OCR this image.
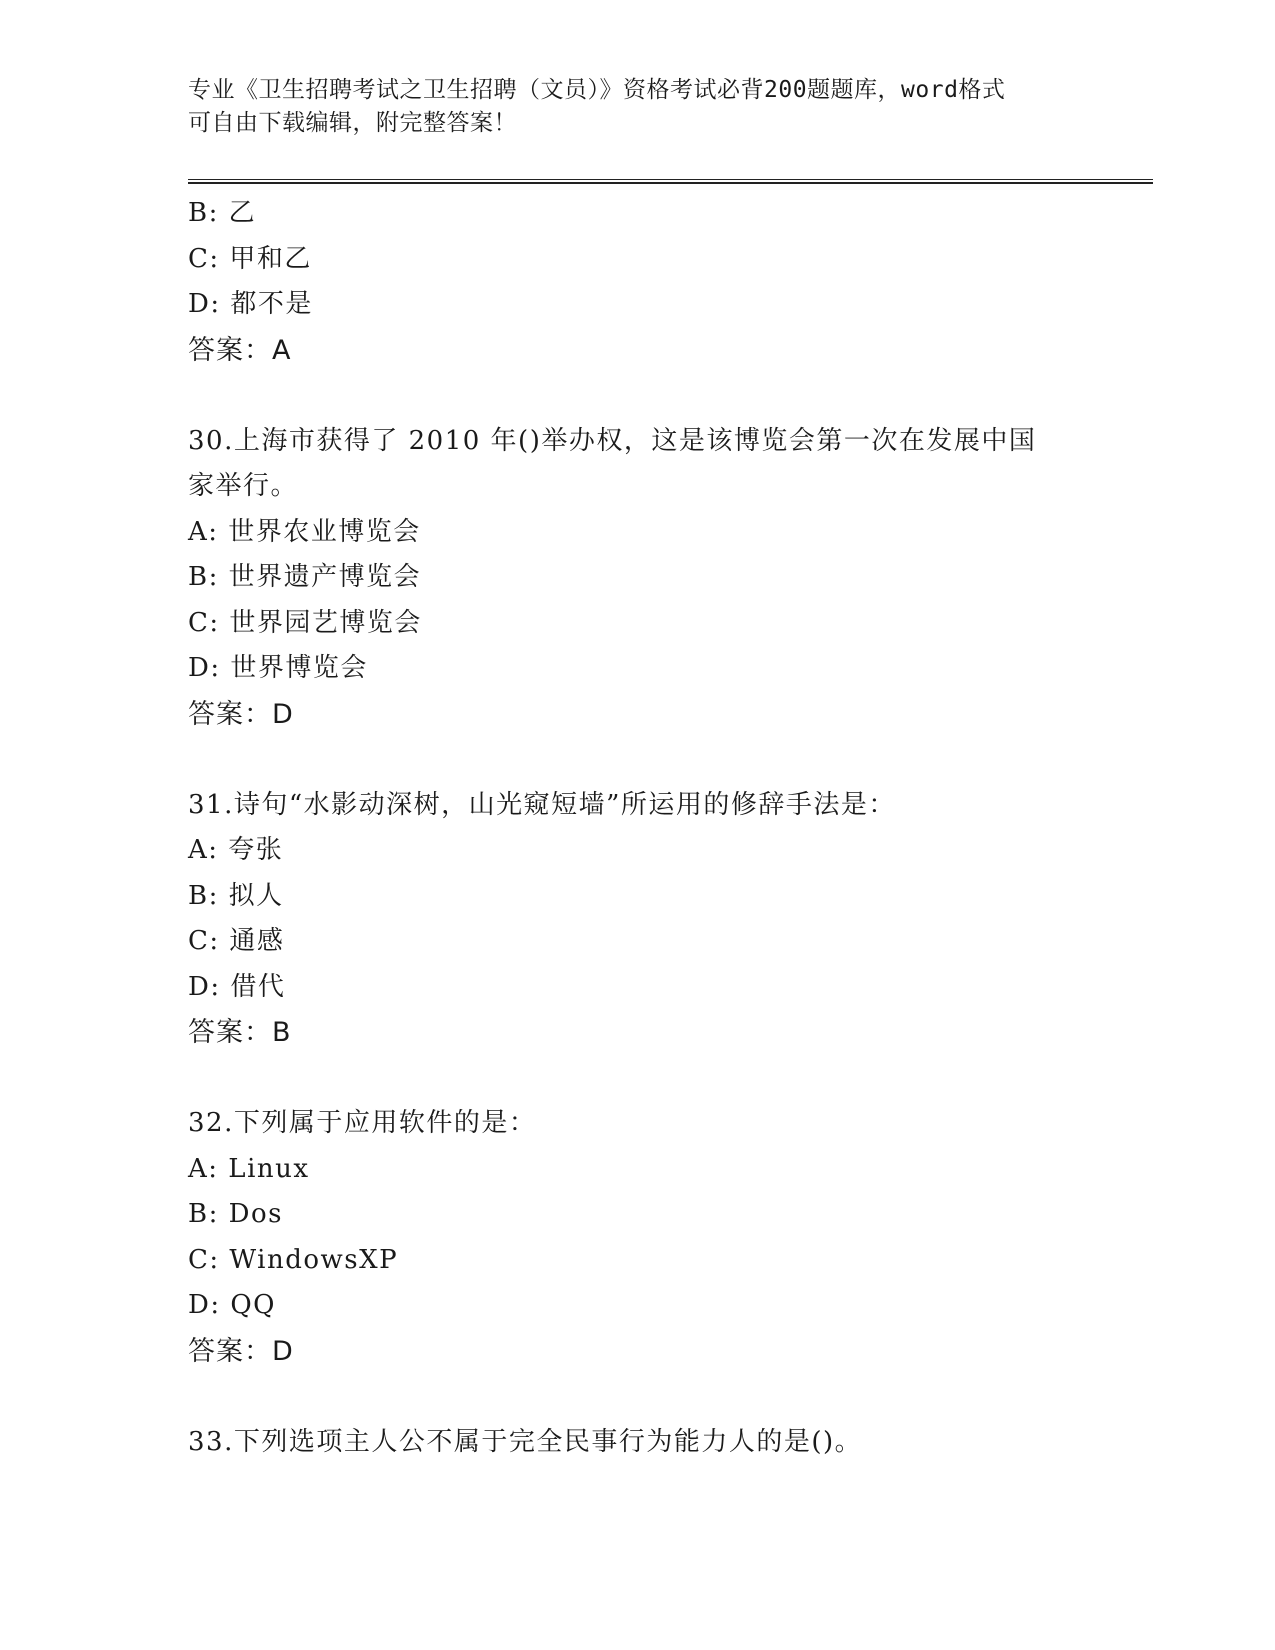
专业《卫生招聘考试之卫生招聘（文员）》资格考试必背200题题库，word格式
可自由下载编辑，附完整答案！
B: 乙
C: 甲和乙
D: 都不是
答案：A
30.上海市获得了 2010 年()举办权，这是该博览会第一次在发展中国
家举行。
A: 世界农业博览会
B: 世界遗产博览会
C: 世界园艺博览会
D: 世界博览会
答案：D
31.诗句“水影动深树，山光窥短墙”所运用的修辞手法是：
A: 夸张
B: 拟人
C: 通感
D: 借代
答案：B
32.下列属于应用软件的是：
A: Linux
B: Dos
C: WindowsXP
D: QQ
答案：D
33.下列选项主人公不属于完全民事行为能力人的是()。
